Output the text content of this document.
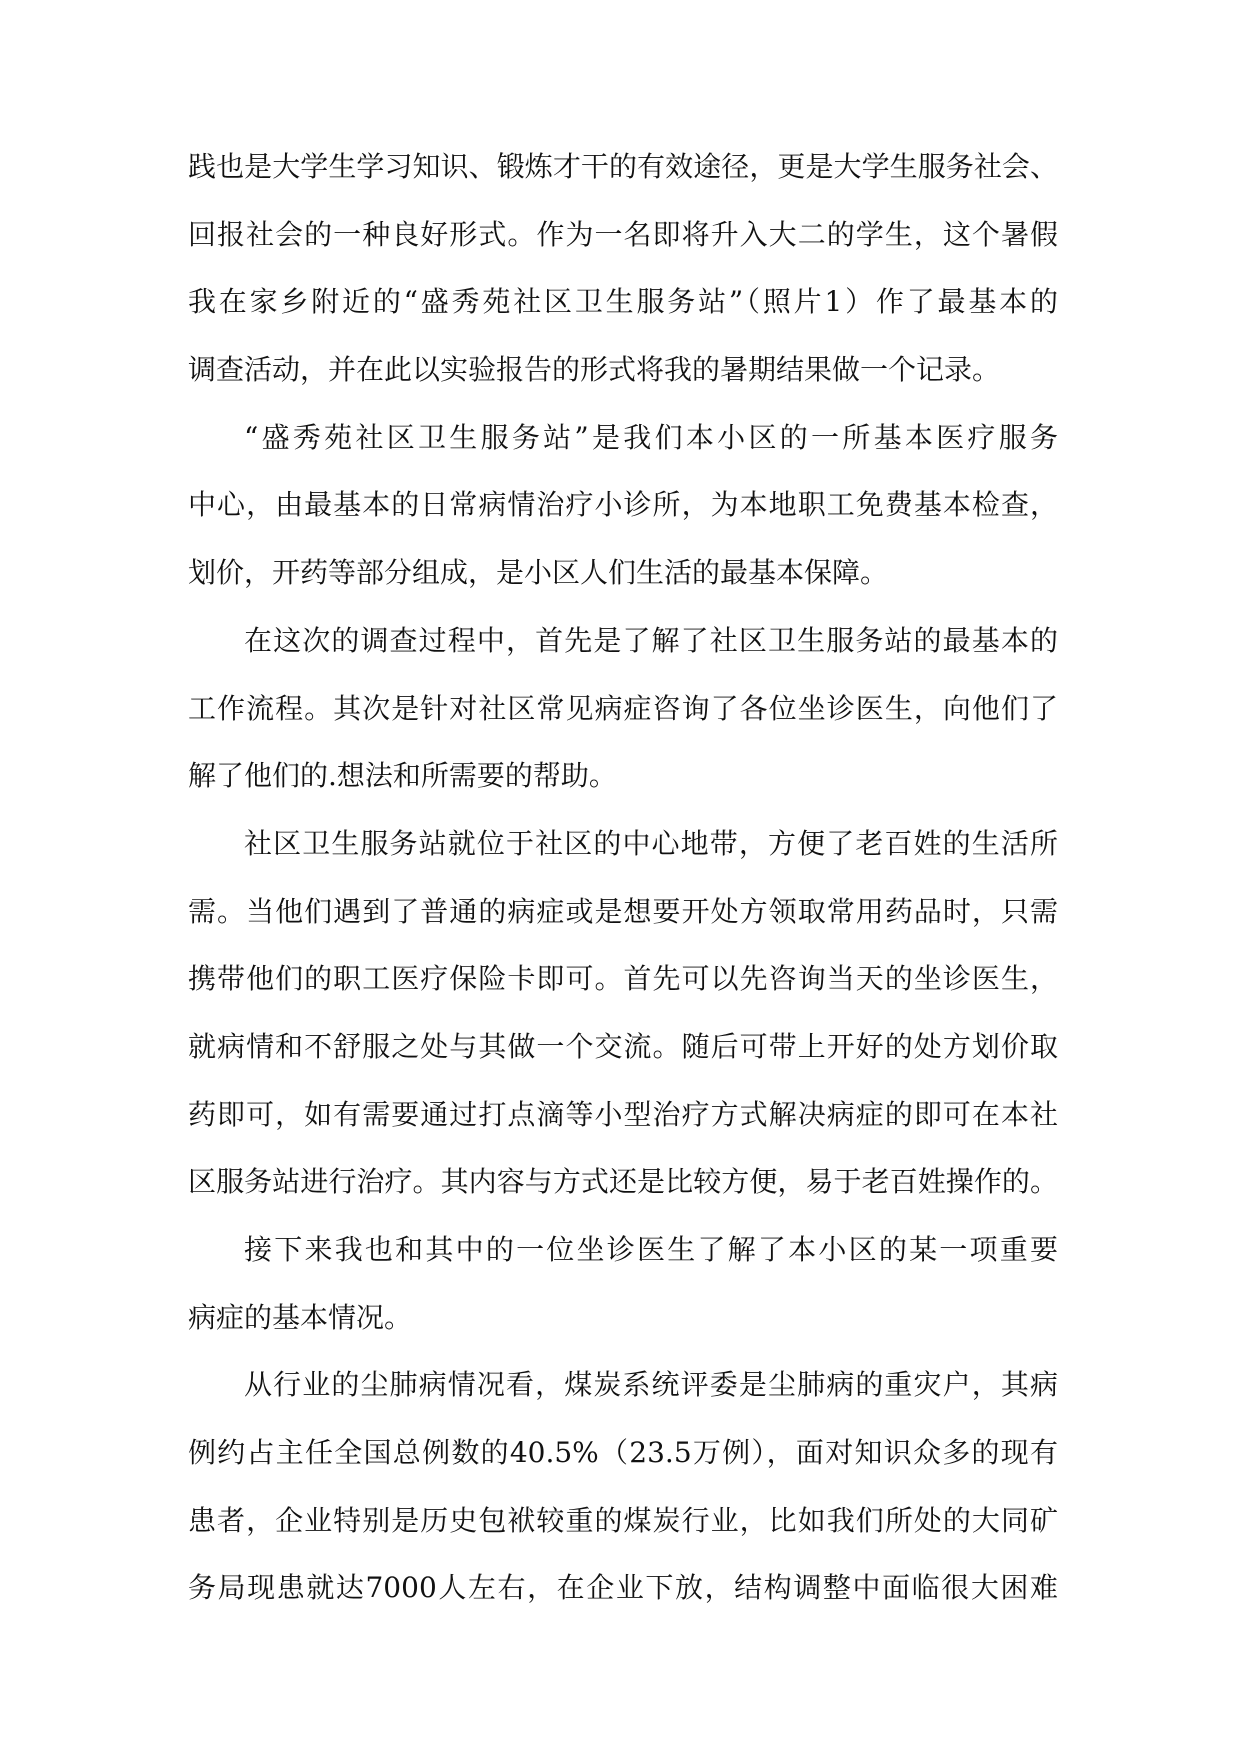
践也是大学生学习知识、锻炼才干的有效途径，更是大学生服务社会、
回报社会的一种良好形式。作为一名即将升入大二的学生，这个暑假
我在家乡附近的“盛秀苑社区卫生服务站”（照片1）作了最基本的
调查活动，并在此以实验报告的形式将我的暑期结果做一个记录。
“盛秀苑社区卫生服务站”是我们本小区的一所基本医疗服务
中心，由最基本的日常病情治疗小诊所，为本地职工免费基本检查，
划价，开药等部分组成，是小区人们生活的最基本保障。
在这次的调查过程中，首先是了解了社区卫生服务站的最基本的
工作流程。其次是针对社区常见病症咨询了各位坐诊医生，向他们了
解了他们的.想法和所需要的帮助。
社区卫生服务站就位于社区的中心地带，方便了老百姓的生活所
需。当他们遇到了普通的病症或是想要开处方领取常用药品时，只需
携带他们的职工医疗保险卡即可。首先可以先咨询当天的坐诊医生，
就病情和不舒服之处与其做一个交流。随后可带上开好的处方划价取
药即可，如有需要通过打点滴等小型治疗方式解决病症的即可在本社
区服务站进行治疗。其内容与方式还是比较方便，易于老百姓操作的。
接下来我也和其中的一位坐诊医生了解了本小区的某一项重要
病症的基本情况。
从行业的尘肺病情况看，煤炭系统评委是尘肺病的重灾户，其病
例约占主任全国总例数的40.5%（23.5万例），面对知识众多的现有
患者，企业特别是历史包袱较重的煤炭行业，比如我们所处的大同矿
务局现患就达7000人左右，在企业下放，结构调整中面临很大困难
